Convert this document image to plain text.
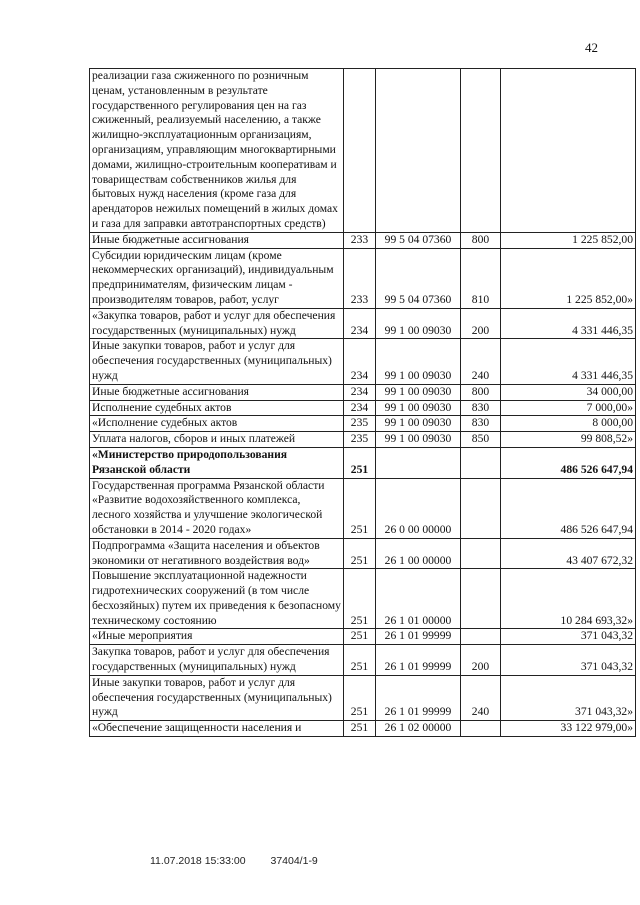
42
реализации газа сжиженного по розничным ценам, установленным в результате государственного регулирования цен на газ сжиженный, реализуемый населению, а также жилищно-эксплуатационным организациям, организациям, управляющим многоквартирными домами, жилищно-строительным кооперативам и товариществам собственников жилья для бытовых нужд населения (кроме газа для арендаторов нежилых помещений в жилых домах и газа для заправки автотранспортных средств)				
Иные бюджетные ассигнования	233	99 5 04 07360	800	1 225 852,00
Субсидии юридическим лицам (кроме некоммерческих организаций), индивидуальным предпринимателям, физическим лицам - производителям товаров, работ, услуг	233	99 5 04 07360	810	1 225 852,00»
«Закупка товаров, работ и услуг для обеспечения государственных (муниципальных) нужд	234	99 1 00 09030	200	4 331 446,35
Иные закупки товаров, работ и услуг для обеспечения государственных (муниципальных) нужд	234	99 1 00 09030	240	4 331 446,35
Иные бюджетные ассигнования	234	99 1 00 09030	800	34 000,00
Исполнение судебных актов	234	99 1 00 09030	830	7 000,00»
«Исполнение судебных актов	235	99 1 00 09030	830	8 000,00
Уплата налогов, сборов и иных платежей	235	99 1 00 09030	850	99 808,52»
«Министерство природопользования Рязанской области	251			486 526 647,94
Государственная программа Рязанской области «Развитие водохозяйственного комплекса, лесного хозяйства и улучшение экологической обстановки в 2014 - 2020 годах»	251	26 0 00 00000		486 526 647,94
Подпрограмма «Защита населения и объектов экономики от негативного воздействия вод»	251	26 1 00 00000		43 407 672,32
Повышение эксплуатационной надежности гидротехнических сооружений (в том числе бесхозяйных) путем их приведения к безопасному техническому состоянию	251	26 1 01 00000		10 284 693,32»
«Иные мероприятия	251	26 1 01 99999		371 043,32
Закупка товаров, работ и услуг для обеспечения государственных (муниципальных) нужд	251	26 1 01 99999	200	371 043,32
Иные закупки товаров, работ и услуг для обеспечения государственных (муниципальных) нужд	251	26 1 01 99999	240	371 043,32»
«Обеспечение защищенности населения и	251	26 1 02 00000		33 122 979,00»
11.07.2018 15:33:00 37404/1-9
